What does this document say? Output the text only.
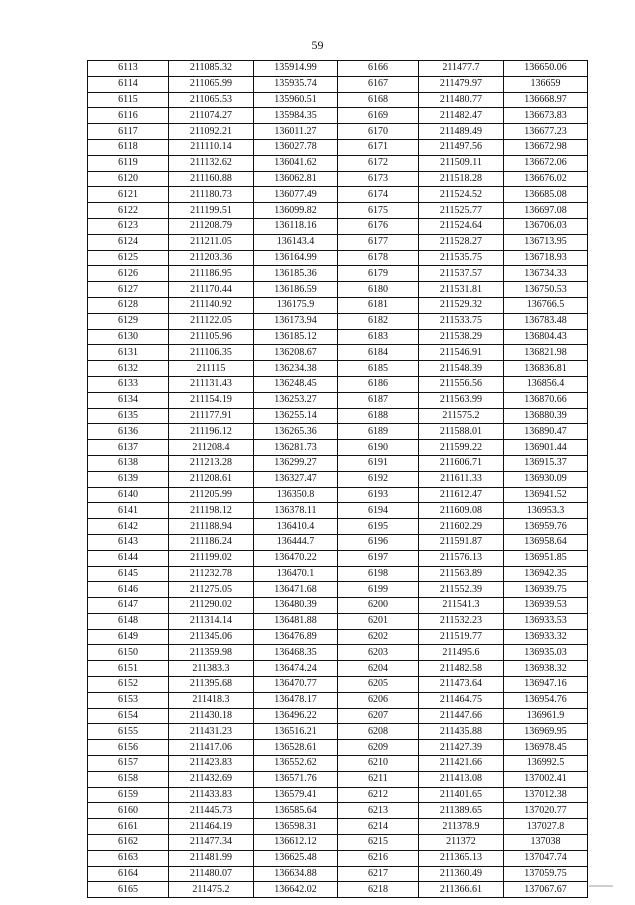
59
6113	211085.32	135914.99	6166	211477.7	136650.06
6114	211065.99	135935.74	6167	211479.97	136659
6115	211065.53	135960.51	6168	211480.77	136668.97
6116	211074.27	135984.35	6169	211482.47	136673.83
6117	211092.21	136011.27	6170	211489.49	136677.23
6118	211110.14	136027.78	6171	211497.56	136672.98
6119	211132.62	136041.62	6172	211509.11	136672.06
6120	211160.88	136062.81	6173	211518.28	136676.02
6121	211180.73	136077.49	6174	211524.52	136685.08
6122	211199.51	136099.82	6175	211525.77	136697.08
6123	211208.79	136118.16	6176	211524.64	136706.03
6124	211211.05	136143.4	6177	211528.27	136713.95
6125	211203.36	136164.99	6178	211535.75	136718.93
6126	211186.95	136185.36	6179	211537.57	136734.33
6127	211170.44	136186.59	6180	211531.81	136750.53
6128	211140.92	136175.9	6181	211529.32	136766.5
6129	211122.05	136173.94	6182	211533.75	136783.48
6130	211105.96	136185.12	6183	211538.29	136804.43
6131	211106.35	136208.67	6184	211546.91	136821.98
6132	211115	136234.38	6185	211548.39	136836.81
6133	211131.43	136248.45	6186	211556.56	136856.4
6134	211154.19	136253.27	6187	211563.99	136870.66
6135	211177.91	136255.14	6188	211575.2	136880.39
6136	211196.12	136265.36	6189	211588.01	136890.47
6137	211208.4	136281.73	6190	211599.22	136901.44
6138	211213.28	136299.27	6191	211606.71	136915.37
6139	211208.61	136327.47	6192	211611.33	136930.09
6140	211205.99	136350.8	6193	211612.47	136941.52
6141	211198.12	136378.11	6194	211609.08	136953.3
6142	211188.94	136410.4	6195	211602.29	136959.76
6143	211186.24	136444.7	6196	211591.87	136958.64
6144	211199.02	136470.22	6197	211576.13	136951.85
6145	211232.78	136470.1	6198	211563.89	136942.35
6146	211275.05	136471.68	6199	211552.39	136939.75
6147	211290.02	136480.39	6200	211541.3	136939.53
6148	211314.14	136481.88	6201	211532.23	136933.53
6149	211345.06	136476.89	6202	211519.77	136933.32
6150	211359.98	136468.35	6203	211495.6	136935.03
6151	211383.3	136474.24	6204	211482.58	136938.32
6152	211395.68	136470.77	6205	211473.64	136947.16
6153	211418.3	136478.17	6206	211464.75	136954.76
6154	211430.18	136496.22	6207	211447.66	136961.9
6155	211431.23	136516.21	6208	211435.88	136969.95
6156	211417.06	136528.61	6209	211427.39	136978.45
6157	211423.83	136552.62	6210	211421.66	136992.5
6158	211432.69	136571.76	6211	211413.08	137002.41
6159	211433.83	136579.41	6212	211401.65	137012.38
6160	211445.73	136585.64	6213	211389.65	137020.77
6161	211464.19	136598.31	6214	211378.9	137027.8
6162	211477.34	136612.12	6215	211372	137038
6163	211481.99	136625.48	6216	211365.13	137047.74
6164	211480.07	136634.88	6217	211360.49	137059.75
6165	211475.2	136642.02	6218	211366.61	137067.67
